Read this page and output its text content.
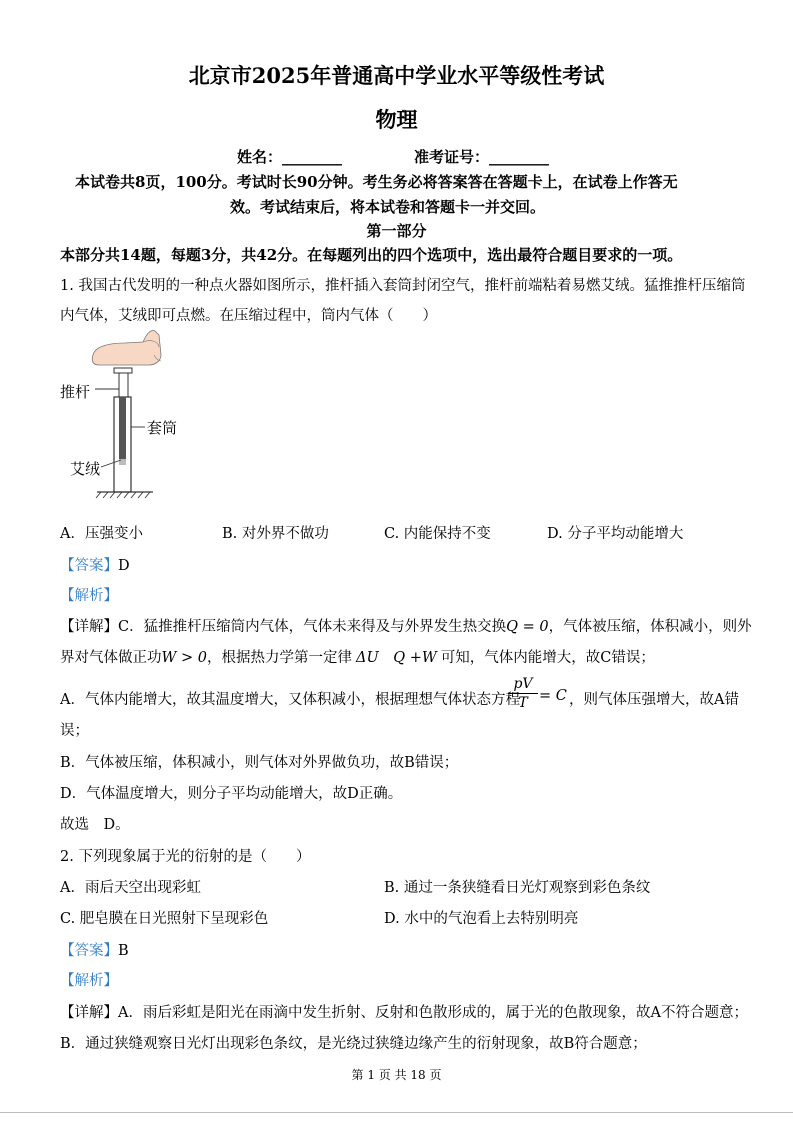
北京市2025年普通高中学业水平等级性考试
物理
姓名：________	准考证号：________
本试卷共8页，100分。考试时长90分钟。考生务必将答案答在答题卡上，在试卷上作答无
效。考试结束后，将本试卷和答题卡一并交回。
第一部分
本部分共14题，每题3分，共42分。在每题列出的四个选项中，选出最符合题目要求的一项。
1. 我国古代发明的一种点火器如图所示，推杆插入套筒封闭空气，推杆前端粘着易燃艾绒。猛推推杆压缩筒
内气体，艾绒即可点燃。在压缩过程中，筒内气体（　　）
推杆
套筒
艾绒
A．压强变小	B. 对外界不做功	C. 内能保持不变	D. 分子平均动能增大
【答案】D
【解析】
【详解】C．猛推推杆压缩筒内气体，气体未来得及与外界发生热交换Q = 0，气体被压缩，体积减小，则外
界对气体做正功W > 0，根据热力学第一定律 ΔU　Q +W 可知，气体内能增大，故C错误；
A．气体内能增大，故其温度增大，又体积减小，根据理想气体状态方程
pV
T = C ，则气体压强增大，故A错
误；
B．气体被压缩，体积减小，则气体对外界做负功，故B错误；
D．气体温度增大，则分子平均动能增大，故D正确。
故选　D。
2. 下列现象属于光的衍射的是（　　）
A．雨后天空出现彩虹	B. 通过一条狭缝看日光灯观察到彩色条纹
C. 肥皂膜在日光照射下呈现彩色	D. 水中的气泡看上去特别明亮
【答案】B
【解析】
【详解】A．雨后彩虹是阳光在雨滴中发生折射、反射和色散形成的，属于光的色散现象，故A不符合题意；
B．通过狭缝观察日光灯出现彩色条纹，是光绕过狭缝边缘产生的衍射现象，故B符合题意；
第 1 页 共 18 页
